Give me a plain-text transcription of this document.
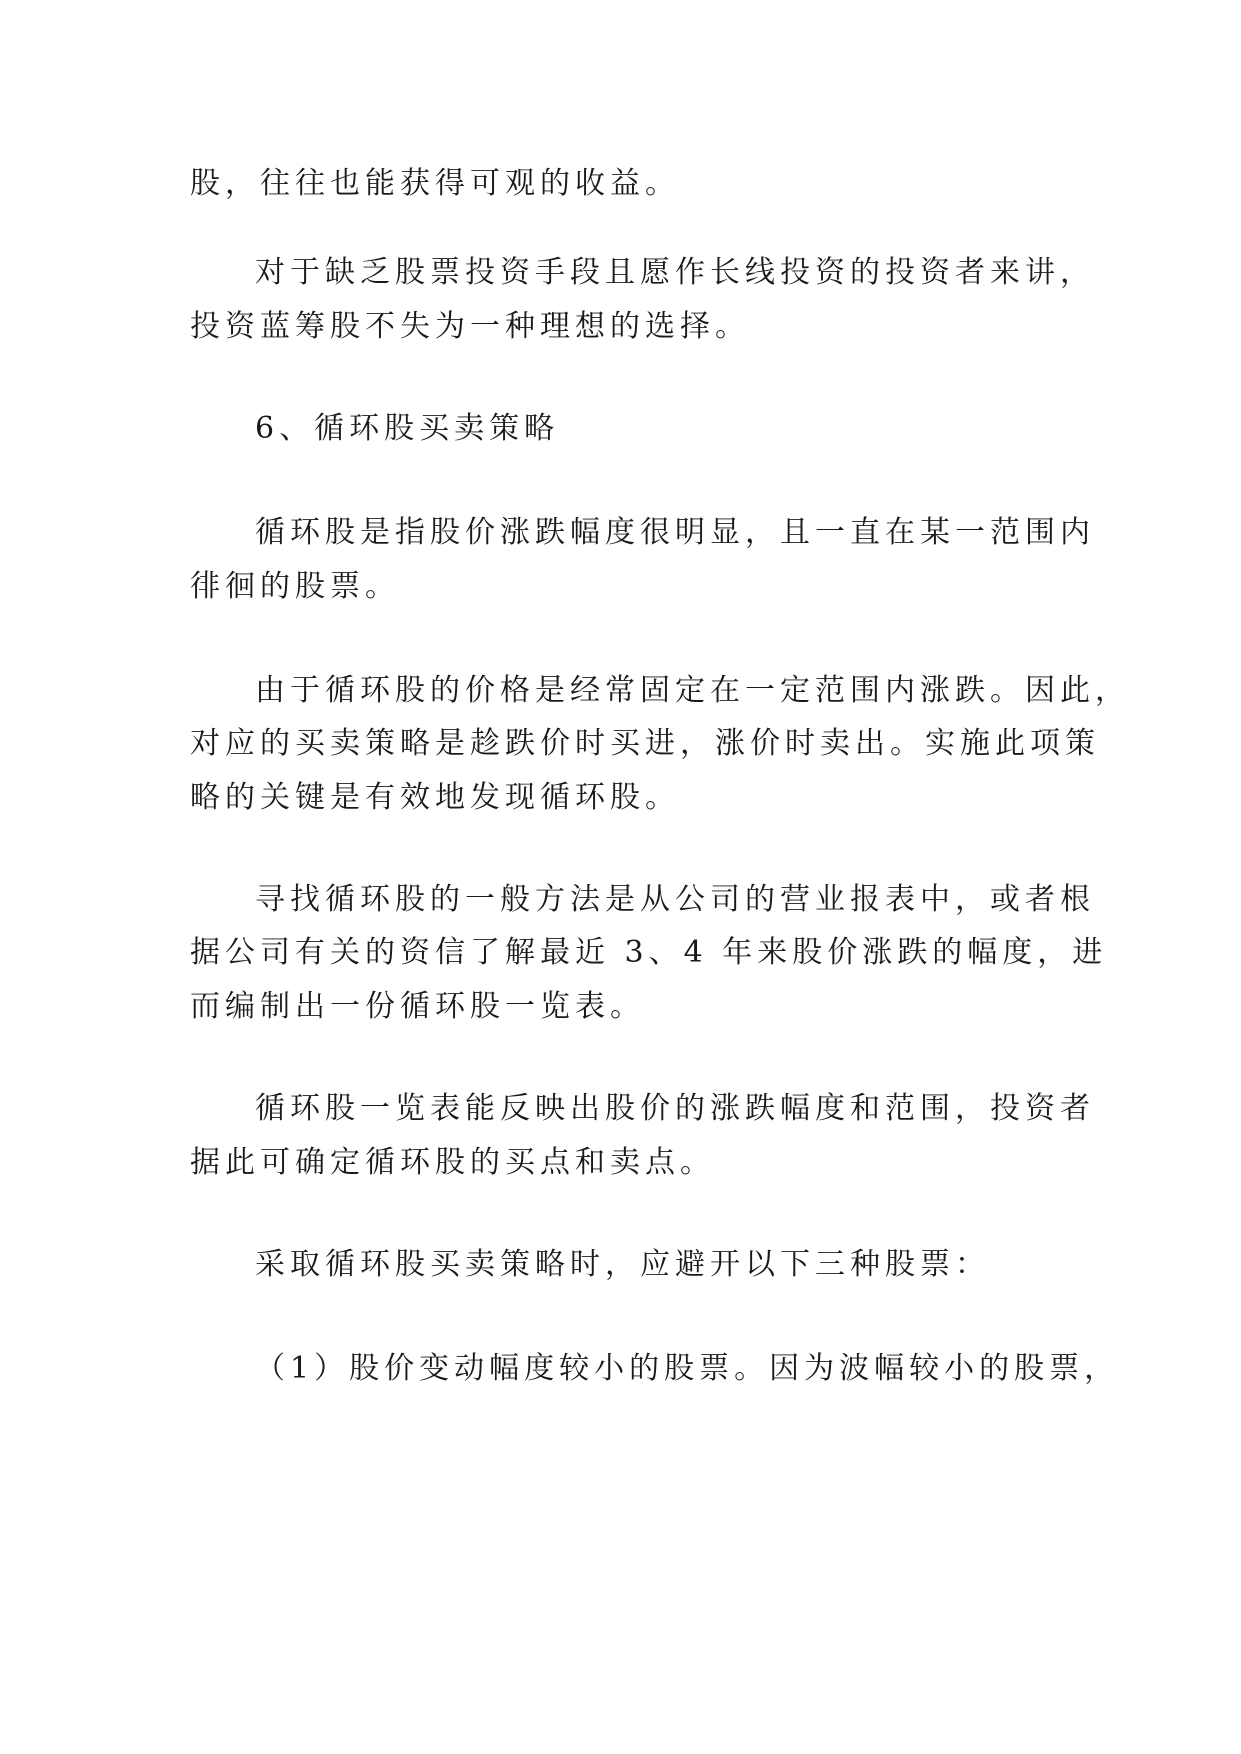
股，往往也能获得可观的收益。
对于缺乏股票投资手段且愿作长线投资的投资者来讲，
投资蓝筹股不失为一种理想的选择。
6、循环股买卖策略
循环股是指股价涨跌幅度很明显，且一直在某一范围内
徘徊的股票。
由于循环股的价格是经常固定在一定范围内涨跌。因此，
对应的买卖策略是趁跌价时买进，涨价时卖出。实施此项策
略的关键是有效地发现循环股。
寻找循环股的一般方法是从公司的营业报表中，或者根
据公司有关的资信了解最近 3、4 年来股价涨跌的幅度，进
而编制出一份循环股一览表。
循环股一览表能反映出股价的涨跌幅度和范围，投资者
据此可确定循环股的买点和卖点。
采取循环股买卖策略时，应避开以下三种股票：
（1）股价变动幅度较小的股票。因为波幅较小的股票，
